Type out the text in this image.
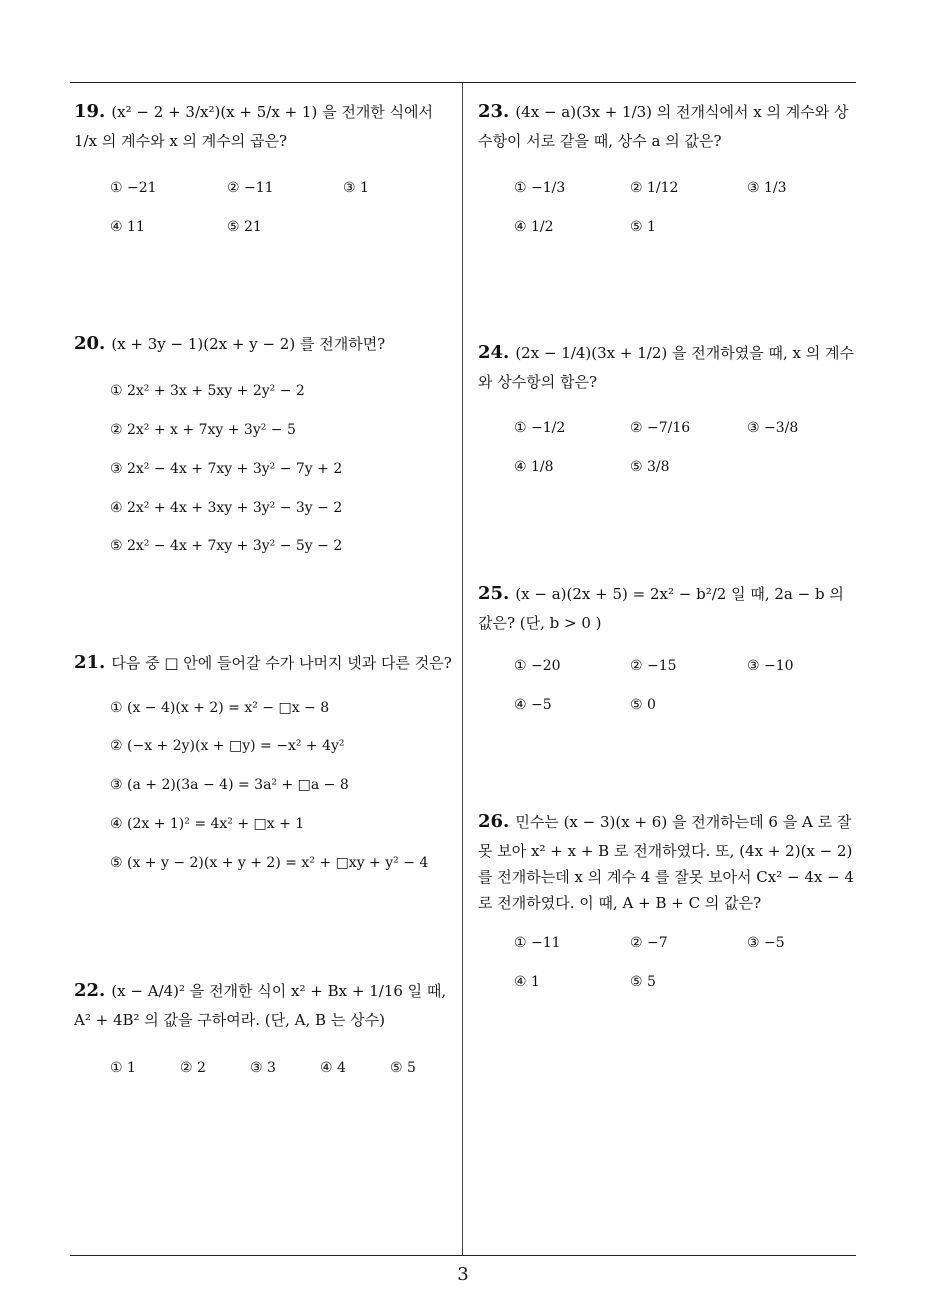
19. (x² − 2 + 3/x²)(x + 5/x + 1) 을 전개한 식에서 1/x 의 계수와 x 의 계수의 곱은?
① −21	② −11	③ 1
④ 11	⑤ 21
20. (x + 3y − 1)(2x + y − 2) 를 전개하면?
① 2x² + 3x + 5xy + 2y² − 2
② 2x² + x + 7xy + 3y² − 5
③ 2x² − 4x + 7xy + 3y² − 7y + 2
④ 2x² + 4x + 3xy + 3y² − 3y − 2
⑤ 2x² − 4x + 7xy + 3y² − 5y − 2
21. 다음 중 □ 안에 들어갈 수가 나머지 넷과 다른 것은?
① (x − 4)(x + 2) = x² − □x − 8
② (−x + 2y)(x + □y) = −x² + 4y²
③ (a + 2)(3a − 4) = 3a² + □a − 8
④ (2x + 1)² = 4x² + □x + 1
⑤ (x + y − 2)(x + y + 2) = x² + □xy + y² − 4
22. (x − A/4)² 을 전개한 식이 x² + Bx + 1/16 일 때, A² + 4B² 의 값을 구하여라. (단, A, B 는 상수)
① 1	② 2	③ 3	④ 4	⑤ 5
23. (4x − a)(3x + 1/3) 의 전개식에서 x 의 계수와 상수항이 서로 같을 때, 상수 a 의 값은?
① −1/3	② 1/12	③ 1/3
④ 1/2	⑤ 1
24. (2x − 1/4)(3x + 1/2) 을 전개하였을 때, x 의 계수와 상수항의 합은?
① −1/2	② −7/16	③ −3/8
④ 1/8	⑤ 3/8
25. (x − a)(2x + 5) = 2x² − b²/2 일 때, 2a − b 의 값은? (단, b > 0 )
① −20	② −15	③ −10
④ −5	⑤ 0
26. 민수는 (x − 3)(x + 6) 을 전개하는데 6 을 A 로 잘못 보아 x² + x + B 로 전개하였다. 또, (4x + 2)(x − 2) 를 전개하는데 x 의 계수 4 를 잘못 보아서 Cx² − 4x − 4 로 전개하였다. 이 때, A + B + C 의 값은?
① −11	② −7	③ −5
④ 1	⑤ 5
3
